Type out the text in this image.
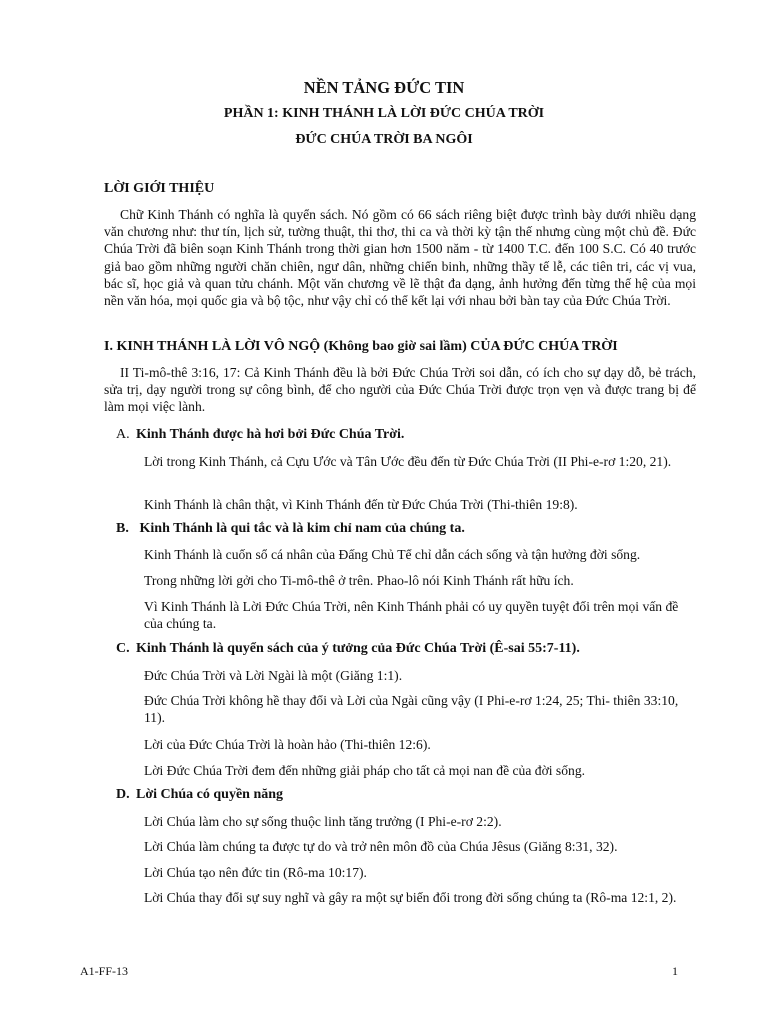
NỀN TẢNG ĐỨC TIN
PHẦN 1: KINH THÁNH LÀ LỜI ĐỨC CHÚA TRỜI
ĐỨC CHÚA TRỜI BA NGÔI
LỜI GIỚI THIỆU
Chữ Kinh Thánh có nghĩa là quyển sách. Nó gồm có 66 sách riêng biệt được trình bày dưới nhiều dạng văn chương như: thư tín, lịch sử, tường thuật, thi thơ, thi ca và thời kỳ tận thế nhưng cùng một chủ đề. Đức Chúa Trời đã biên soạn Kinh Thánh trong thời gian hơn 1500 năm - từ 1400 T.C. đến 100 S.C. Có 40 trước giả bao gồm những người chăn chiên, ngư dân, những chiến binh, những thầy tế lễ, các tiên tri, các vị vua, bác sĩ, học giả và quan tửu chánh. Một văn chương về lẽ thật đa dạng, ảnh hưởng đến từng thế hệ của mọi nền văn hóa, mọi quốc gia và bộ tộc, như vậy chỉ có thể kết lại với nhau bởi bàn tay của Đức Chúa Trời.
I. KINH THÁNH LÀ LỜI VÔ NGỘ (Không bao giờ sai lầm) CỦA ĐỨC CHÚA TRỜI
II Ti-mô-thê 3:16, 17: Cả Kinh Thánh đều là bởi Đức Chúa Trời soi dẫn, có ích cho sự dạy dỗ, bẻ trách, sửa trị, dạy người trong sự công bình, để cho người của Đức Chúa Trời được trọn vẹn và được trang bị để làm mọi việc lành.
A. Kinh Thánh được hà hơi bởi Đức Chúa Trời.
Lời trong Kinh Thánh, cả Cựu Ước và Tân Ước đều đến từ Đức Chúa Trời (II Phi-e-rơ 1:20, 21).
Kinh Thánh là chân thật, vì Kinh Thánh đến từ Đức Chúa Trời (Thi-thiên 19:8).
B. Kinh Thánh là qui tắc và là kim chỉ nam của chúng ta.
Kinh Thánh là cuốn sổ cá nhân của Đấng Chủ Tể chỉ dẫn cách sống và tận hưởng đời sống.
Trong những lời gởi cho Ti-mô-thê ở trên. Phao-lô nói Kinh Thánh rất hữu ích.
Vì Kinh Thánh là Lời Đức Chúa Trời, nên Kinh Thánh phải có uy quyền tuyệt đối trên mọi vấn đề của chúng ta.
C. Kinh Thánh là quyển sách của ý tưởng của Đức Chúa Trời (Ê-sai 55:7-11).
Đức Chúa Trời và Lời Ngài là một (Giăng 1:1).
Đức Chúa Trời không hề thay đổi và Lời của Ngài cũng vậy (I Phi-e-rơ 1:24, 25; Thi- thiên 33:10, 11).
Lời của Đức Chúa Trời là hoàn hảo (Thi-thiên 12:6).
Lời Đức Chúa Trời đem đến những giải pháp cho tất cả mọi nan đề của đời sống.
D. Lời Chúa có quyền năng
Lời Chúa làm cho sự sống thuộc linh tăng trưởng (I Phi-e-rơ 2:2).
Lời Chúa làm chúng ta được tự do và trở nên môn đồ của Chúa Jêsus (Giăng 8:31, 32).
Lời Chúa tạo nên đức tin (Rô-ma 10:17).
Lời Chúa thay đổi sự suy nghĩ và gây ra một sự biến đổi trong đời sống chúng ta (Rô-ma 12:1, 2).
A1-FF-13	1
